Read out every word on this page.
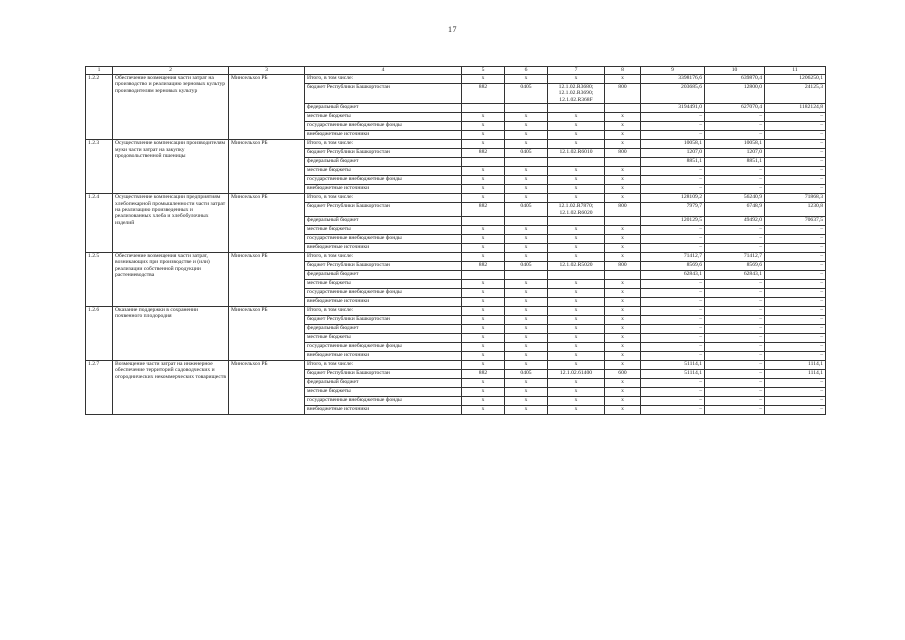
17
1	2	3	4	5	6	7	8	9	10	11
1.2.2	Обеспечение возмещения части затрат на производство и реализацию зерновых культур производителям зерновых культур	Минсельхоз РБ	Итого, в том числе:	x	x	x	x	3398176,6	639870,4	1206250,1
			бюджет Республики Башкортостан	882	0405	12.1.02.R3680; 12.1.02.R3690; 12.1.02.R368F	800	203685,6	12800,0	24125,3
			федеральный бюджет					3194491,0	627070,4	1182124,8
			местные бюджеты	x	x	x	x	–	–	–
			государственные внебюджетные фонды	x	x	x	x	–	–	–
			внебюджетные источники	x	x	x	x	–	–	–
1.2.3	Осуществление компенсации производителям муки части затрат на закупку продовольственной пшеницы	Минсельхоз РБ	Итого, в том числе:	x	x	x	x	10058,1	10058,1	–
			бюджет Республики Башкортостан	882	0405	12.1.02.R6010	800	1207,0	1207,0	–
			федеральный бюджет					8851,1	8851,1	–
			местные бюджеты	x	x	x	x	–	–	–
			государственные внебюджетные фонды	x	x	x	x	–	–	–
			внебюджетные источники	x	x	x	x	–	–	–
1.2.4	Осуществление компенсации предприятиям хлебопекарной промышленности части затрат на реализацию произведенных и реализованных хлеба и хлебобулочных изделий	Минсельхоз РБ	Итого, в том числе:	x	x	x	x	128109,2	56240,9	71868,3
			бюджет Республики Башкортостан	882	0405	12.1.02.R7870; 12.1.02.R6020	800	7979,7	6748,9	1230,8
			федеральный бюджет					120129,5	49492,0	70637,5
			местные бюджеты	x	x	x	x	–	–	–
			государственные внебюджетные фонды	x	x	x	x	–	–	–
			внебюджетные источники	x	x	x	x	–	–	–
1.2.5	Обеспечение возмещения части затрат, возникающих при производстве и (или) реализации собственной продукции растениеводства	Минсельхоз РБ	Итого, в том числе:	x	x	x	x	71412,7	71412,7	–
			бюджет Республики Башкортостан	882	0405	12.1.02.R5020	800	8569,6	8569,6	–
			федеральный бюджет					62843,1	62843,1	–
			местные бюджеты	x	x	x	x	–	–	–
			государственные внебюджетные фонды	x	x	x	x	–	–	–
			внебюджетные источники	x	x	x	x	–	–	–
1.2.6	Оказание поддержки в сохранении почвенного плодородия	Минсельхоз РБ	Итого, в том числе:	x	x	x	x	–	–	–
			бюджет Республики Башкортостан	x	x	x	x	–	–	–
			федеральный бюджет	x	x	x	x	–	–	–
			местные бюджеты	x	x	x	x	–	–	–
			государственные внебюджетные фонды	x	x	x	x	–	–	–
			внебюджетные источники	x	x	x	x	–	–	–
1.2.7	Возмещение части затрат на инженерное обеспечение территорий садоводческих и огороднических некоммерческих товариществ	Минсельхоз РБ	Итого, в том числе:	x	x	x	x	51114,1	–	1114,1
			бюджет Республики Башкортостан	882	0405	12.1.02.61400	600	51114,1	–	1114,1
			федеральный бюджет	x	x	x	x	–	–	–
			местные бюджеты	x	x	x	x	–	–	–
			государственные внебюджетные фонды	x	x	x	x	–	–	–
			внебюджетные источники	x	x	x	x	–	–	–
